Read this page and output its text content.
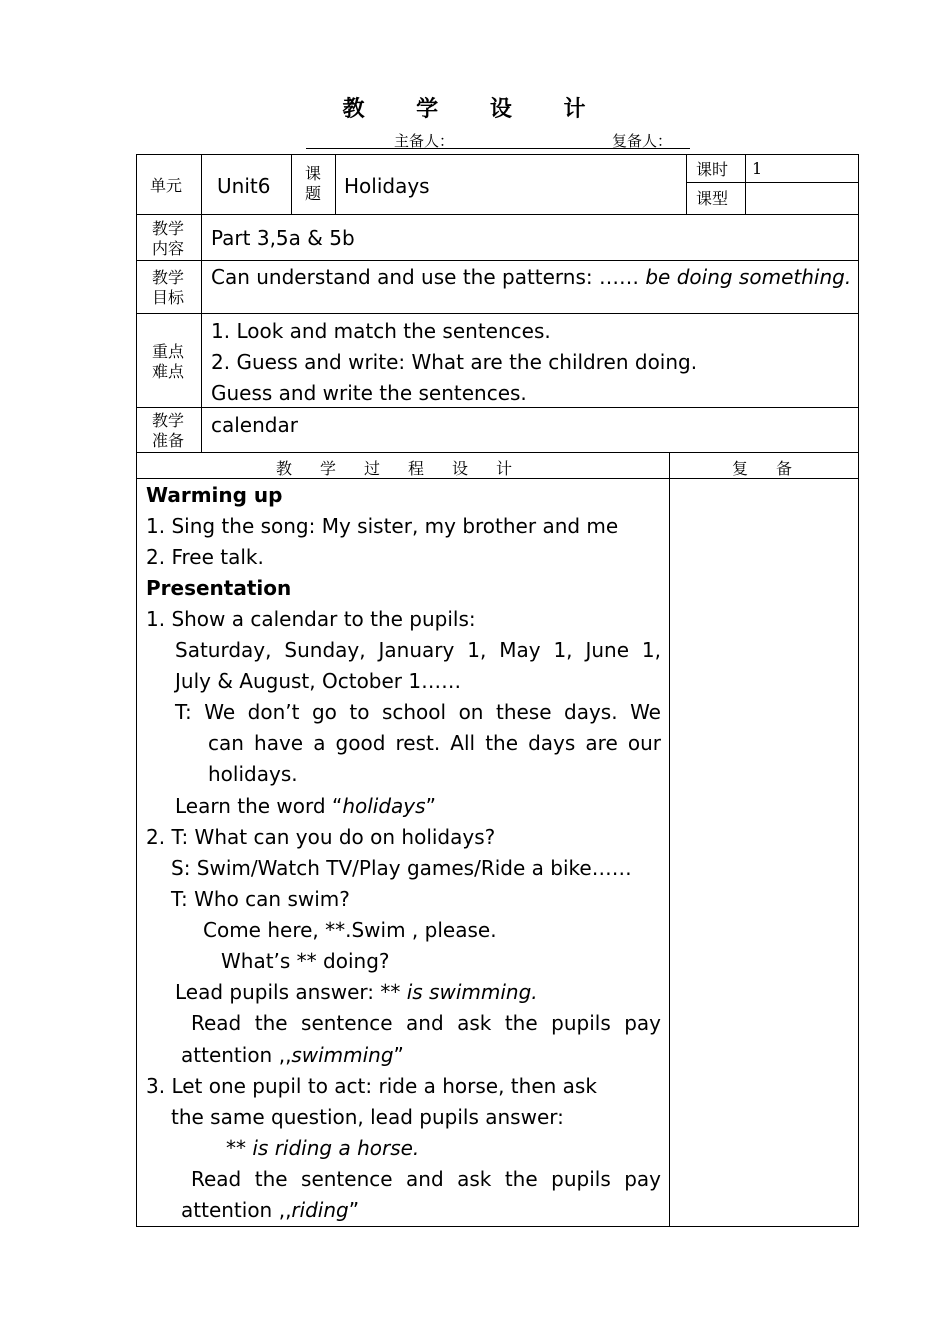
教 学 设 计
主备人：	复备人：
单元 Unit6
课题 Holidays
课时 1
课型
教学内容 Part 3,5a & 5b
教学目标
Can understand and use the patterns: …… be doing something.
重点难点
1. Look and match the sentences.
2. Guess and write: What are the children doing.
Guess and write the sentences.
教学准备
calendar
教学过程设计	复备
Warming up
1. Sing the song: My sister, my brother and me
2. Free talk.
Presentation
1. Show a calendar to the pupils:
Saturday, Sunday, January 1, May 1, June 1,
July & August, October 1……
T: We don’t go to school on these days. We
can have a good rest. All the days are our
holidays.
Learn the word “holidays”
2. T: What can you do on holidays?
S: Swim/Watch TV/Play games/Ride a bike……
T: Who can swim?
Come here, **.Swim , please.
What’s ** doing?
Lead pupils answer: ** is swimming.
Read the sentence and ask the pupils pay
attention ‚‚swimming”
3. Let one pupil to act: ride a horse, then ask
the same question, lead pupils answer:
** is riding a horse.
Read the sentence and ask the pupils pay
attention ‚‚riding”
